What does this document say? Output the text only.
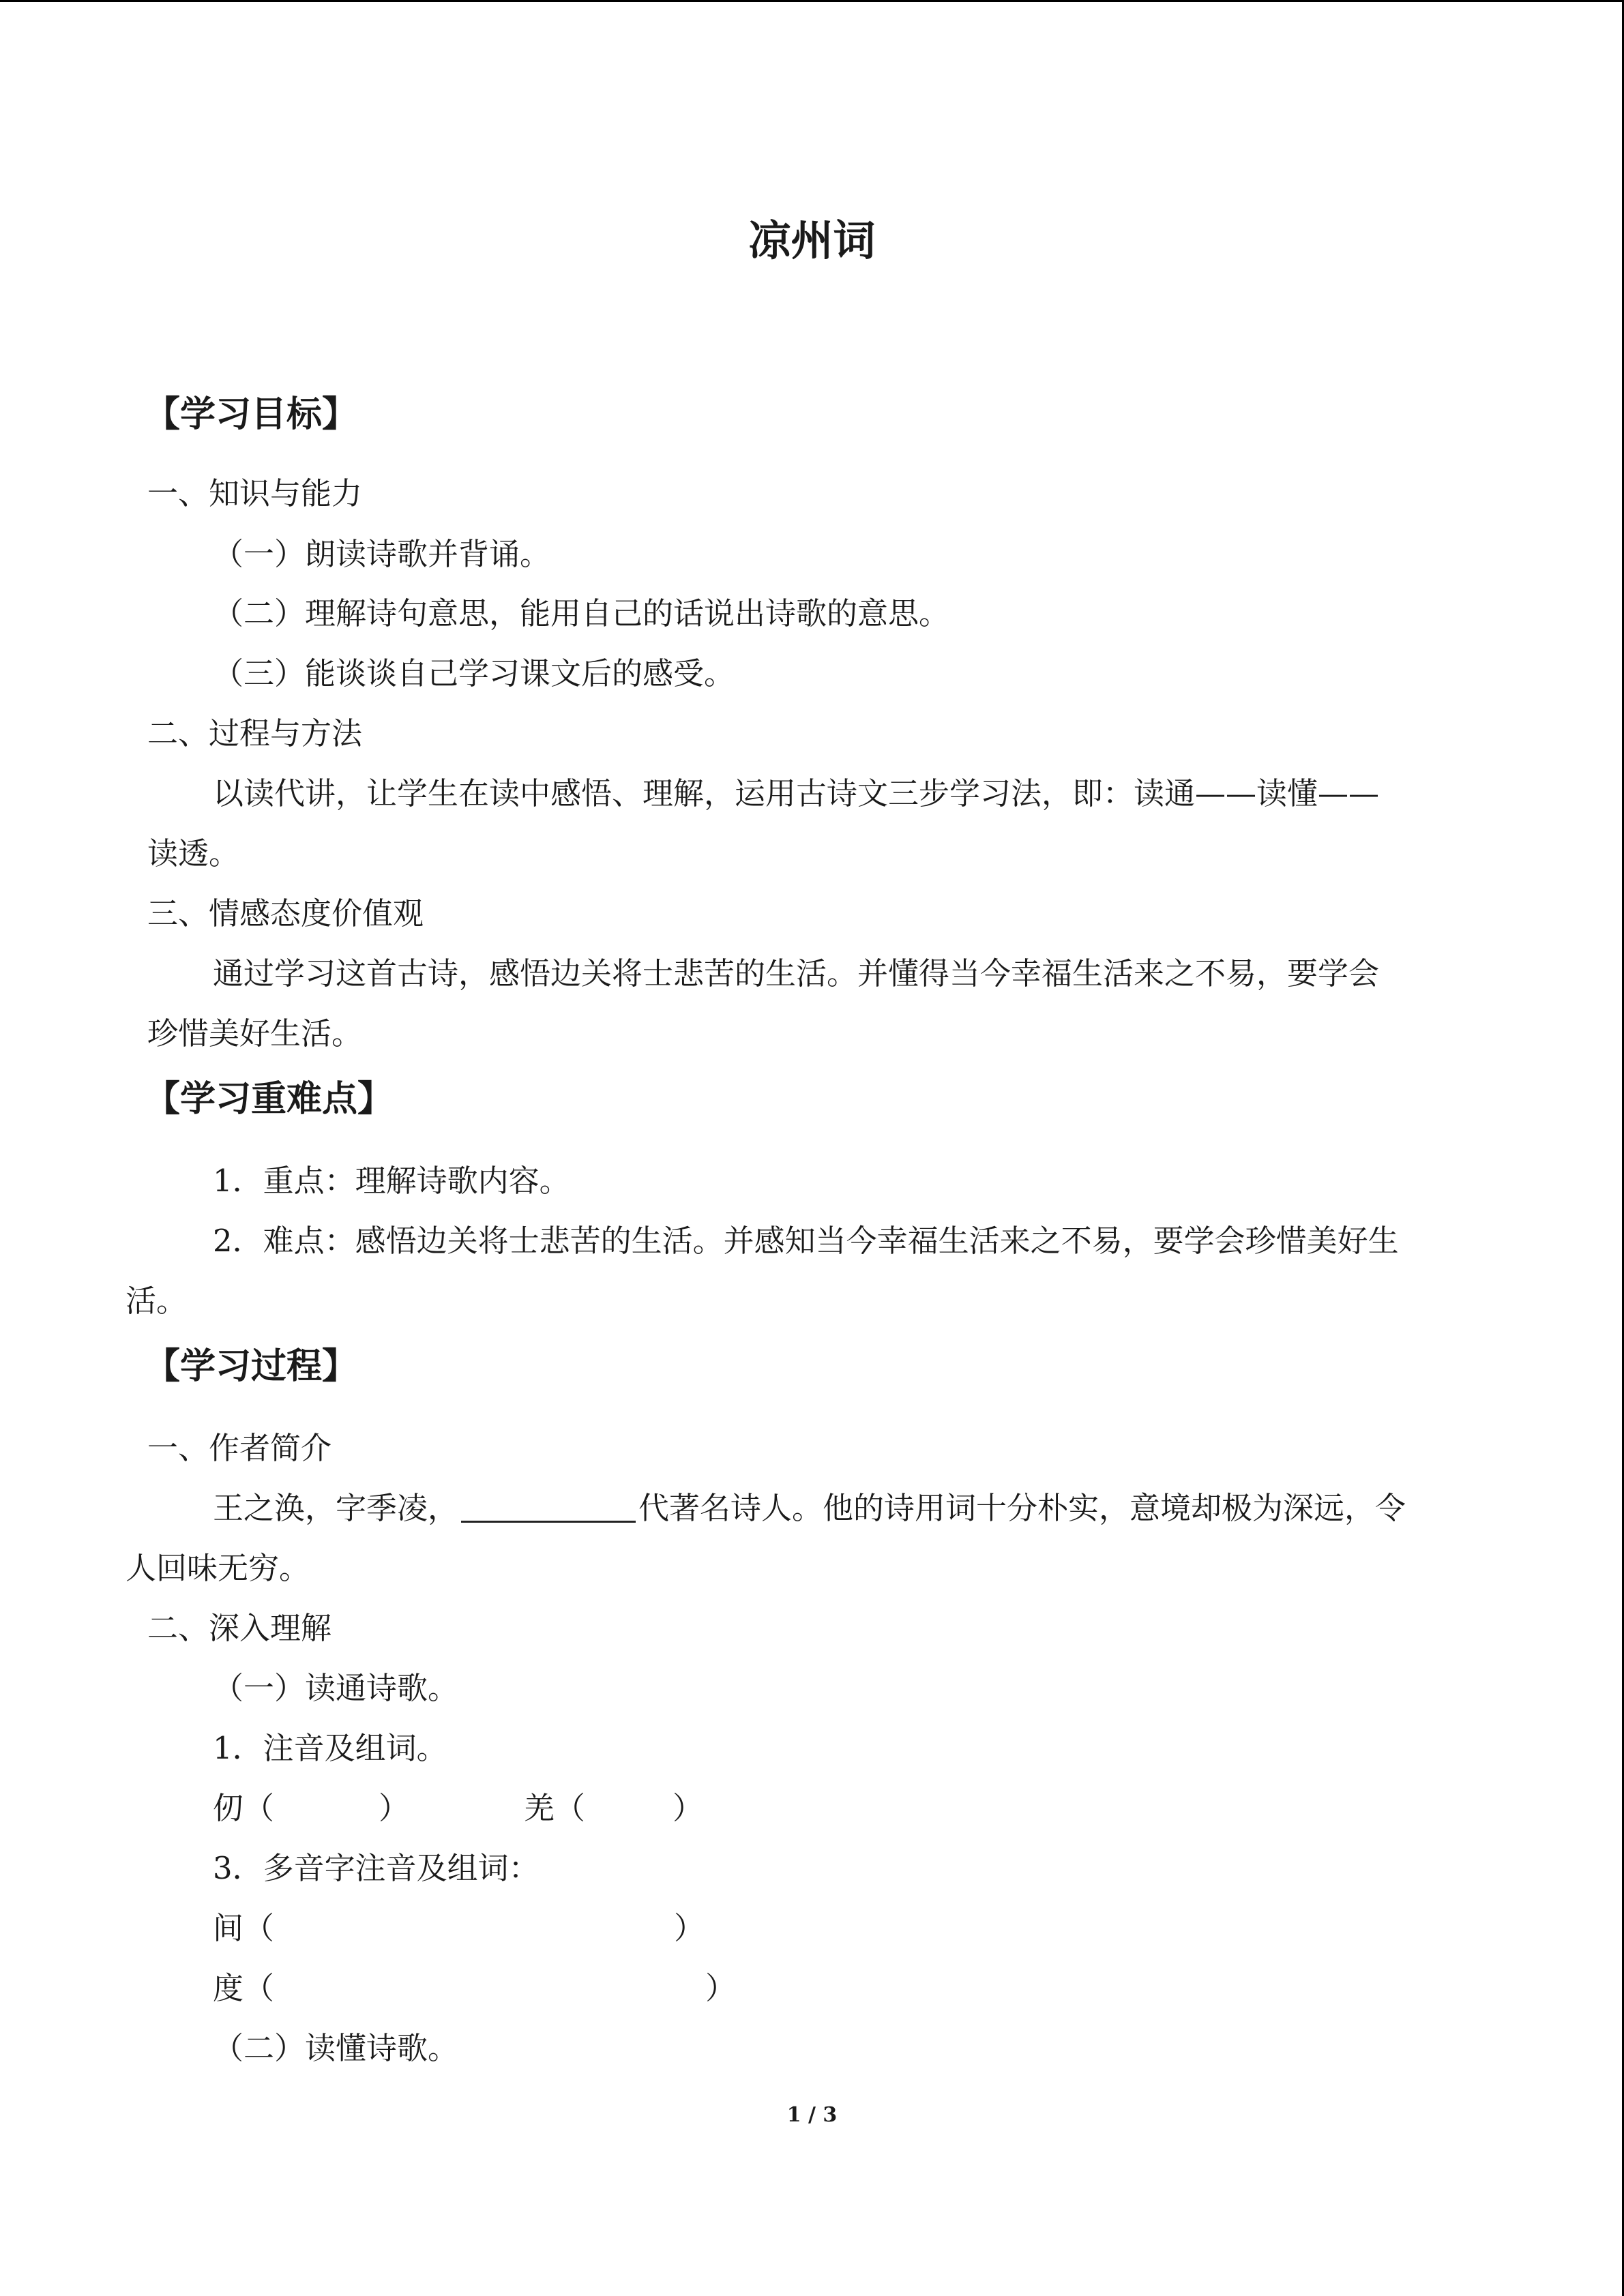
凉州词
【学习目标】
一、知识与能力
（一）朗读诗歌并背诵。
（二）理解诗句意思，能用自己的话说出诗歌的意思。
（三）能谈谈自己学习课文后的感受。
二、过程与方法
以读代讲，让学生在读中感悟、理解，运用古诗文三步学习法，即：读通——读懂——
读透。
三、情感态度价值观
通过学习这首古诗，感悟边关将士悲苦的生活。并懂得当今幸福生活来之不易，要学会
珍惜美好生活。
【学习重难点】
1．重点：理解诗歌内容。
2．难点：感悟边关将士悲苦的生活。并感知当今幸福生活来之不易，要学会珍惜美好生
活。
【学习过程】
一、作者简介
王之涣，字季凌，	代著名诗人。他的诗用词十分朴实，意境却极为深远，令
人回味无穷。
二、深入理解
（一）读通诗歌。
1．注音及组词。
仞（	）	羌（	）
3．多音字注音及组词：
间（	）
度（	）
（二）读懂诗歌。
1 / 3
